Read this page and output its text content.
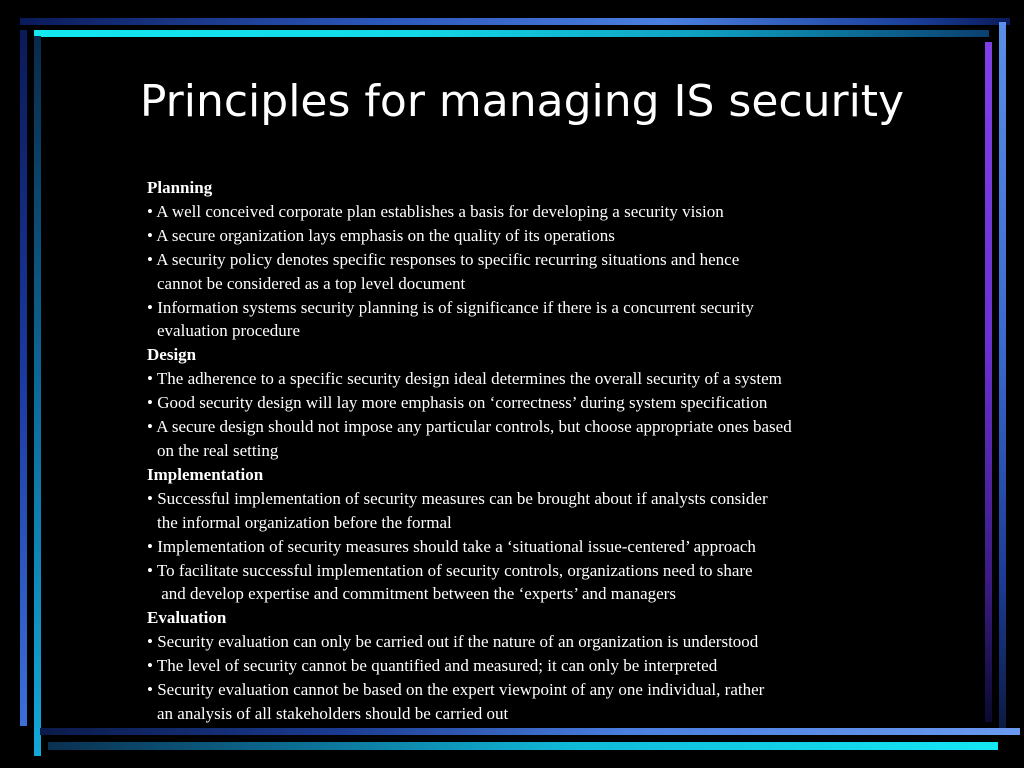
Principles for managing IS security
Planning
• A well conceived corporate plan establishes a basis for developing a security vision
• A secure organization lays emphasis on the quality of its operations
• A security policy denotes specific responses to specific recurring situations and hence
cannot be considered as a top level document
• Information systems security planning is of significance if there is a concurrent security
evaluation procedure
Design
• The adherence to a specific security design ideal determines the overall security of a system
• Good security design will lay more emphasis on ‘correctness’ during system specification
• A secure design should not impose any particular controls, but choose appropriate ones based
on the real setting
Implementation
• Successful implementation of security measures can be brought about if analysts consider
the informal organization before the formal
• Implementation of security measures should take a ‘situational issue-centered’ approach
• To facilitate successful implementation of security controls, organizations need to share
and develop expertise and commitment between the ‘experts’ and managers
Evaluation
• Security evaluation can only be carried out if the nature of an organization is understood
• The level of security cannot be quantified and measured; it can only be interpreted
• Security evaluation cannot be based on the expert viewpoint of any one individual, rather
an analysis of all stakeholders should be carried out
